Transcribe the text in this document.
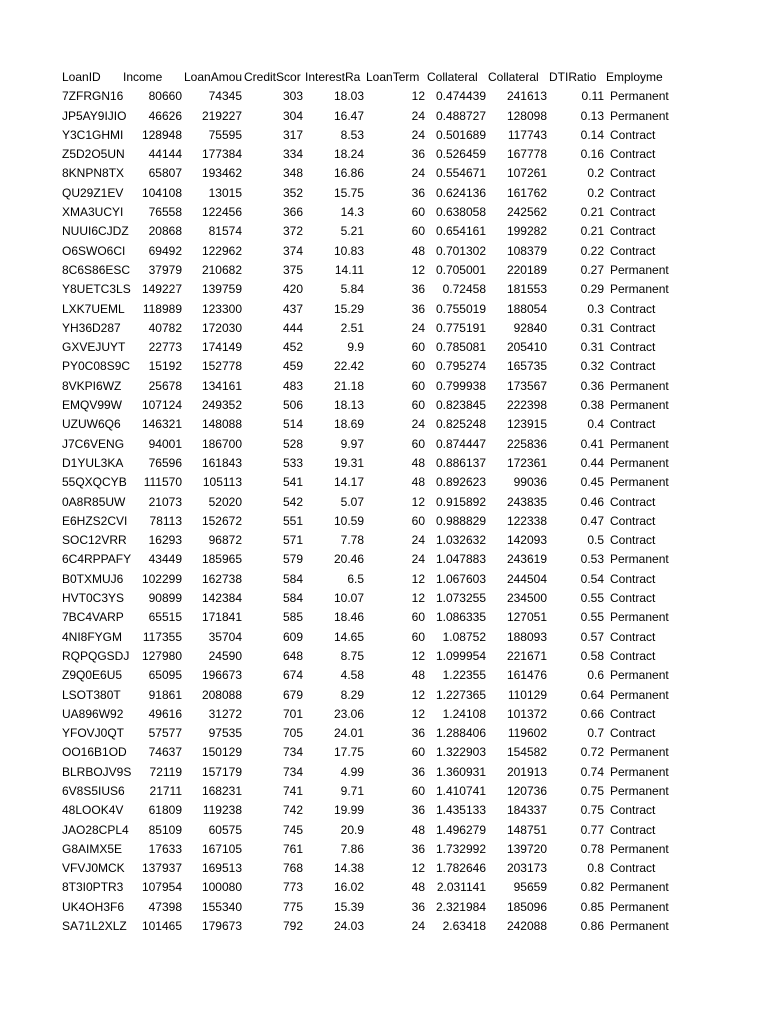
LoanID	Income	LoanAmou	CreditScor	InterestRa	LoanTerm	Collateral	Collateral	DTIRatio	Employme
7ZFRGN16	80660	74345	303	18.03	12	0.474439	241613	0.11	Permanent
JP5AY9IJIO	46626	219227	304	16.47	24	0.488727	128098	0.13	Permanent
Y3C1GHMI	128948	75595	317	8.53	24	0.501689	117743	0.14	Contract
Z5D2O5UN	44144	177384	334	18.24	36	0.526459	167778	0.16	Contract
8KNPN8TX	65807	193462	348	16.86	24	0.554671	107261	0.2	Contract
QU29Z1EV	104108	13015	352	15.75	36	0.624136	161762	0.2	Contract
XMA3UCYI	76558	122456	366	14.3	60	0.638058	242562	0.21	Contract
NUUI6CJDZ	20868	81574	372	5.21	60	0.654161	199282	0.21	Contract
O6SWO6CI	69492	122962	374	10.83	48	0.701302	108379	0.22	Contract
8C6S86ESC	37979	210682	375	14.11	12	0.705001	220189	0.27	Permanent
Y8UETC3LS	149227	139759	420	5.84	36	0.72458	181553	0.29	Permanent
LXK7UEML	118989	123300	437	15.29	36	0.755019	188054	0.3	Contract
YH36D287	40782	172030	444	2.51	24	0.775191	92840	0.31	Contract
GXVEJUYT	22773	174149	452	9.9	60	0.785081	205410	0.31	Contract
PY0C08S9C	15192	152778	459	22.42	60	0.795274	165735	0.32	Contract
8VKPI6WZ	25678	134161	483	21.18	60	0.799938	173567	0.36	Permanent
EMQV99W	107124	249352	506	18.13	60	0.823845	222398	0.38	Permanent
UZUW6Q6	146321	148088	514	18.69	24	0.825248	123915	0.4	Contract
J7C6VENG	94001	186700	528	9.97	60	0.874447	225836	0.41	Permanent
D1YUL3KA	76596	161843	533	19.31	48	0.886137	172361	0.44	Permanent
55QXQCYB	111570	105113	541	14.17	48	0.892623	99036	0.45	Permanent
0A8R85UW	21073	52020	542	5.07	12	0.915892	243835	0.46	Contract
E6HZS2CVI	78113	152672	551	10.59	60	0.988829	122338	0.47	Contract
SOC12VRR	16293	96872	571	7.78	24	1.032632	142093	0.5	Contract
6C4RPPAFY	43449	185965	579	20.46	24	1.047883	243619	0.53	Permanent
B0TXMUJ6	102299	162738	584	6.5	12	1.067603	244504	0.54	Contract
HVT0C3YS	90899	142384	584	10.07	12	1.073255	234500	0.55	Contract
7BC4VARP	65515	171841	585	18.46	60	1.086335	127051	0.55	Permanent
4NI8FYGM	117355	35704	609	14.65	60	1.08752	188093	0.57	Contract
RQPQGSDJ	127980	24590	648	8.75	12	1.099954	221671	0.58	Contract
Z9Q0E6U5	65095	196673	674	4.58	48	1.22355	161476	0.6	Permanent
LSOT380T	91861	208088	679	8.29	12	1.227365	110129	0.64	Permanent
UA896W92	49616	31272	701	23.06	12	1.24108	101372	0.66	Contract
YFOVJ0QT	57577	97535	705	24.01	36	1.288406	119602	0.7	Contract
OO16B1OD	74637	150129	734	17.75	60	1.322903	154582	0.72	Permanent
BLRBOJV9S	72119	157179	734	4.99	36	1.360931	201913	0.74	Permanent
6V8S5IUS6	21711	168231	741	9.71	60	1.410741	120736	0.75	Permanent
48LOOK4V	61809	119238	742	19.99	36	1.435133	184337	0.75	Contract
JAO28CPL4	85109	60575	745	20.9	48	1.496279	148751	0.77	Contract
G8AIMX5E	17633	167105	761	7.86	36	1.732992	139720	0.78	Permanent
VFVJ0MCK	137937	169513	768	14.38	12	1.782646	203173	0.8	Contract
8T3I0PTR3	107954	100080	773	16.02	48	2.031141	95659	0.82	Permanent
UK4OH3F6	47398	155340	775	15.39	36	2.321984	185096	0.85	Permanent
SA71L2XLZ	101465	179673	792	24.03	24	2.63418	242088	0.86	Permanent
